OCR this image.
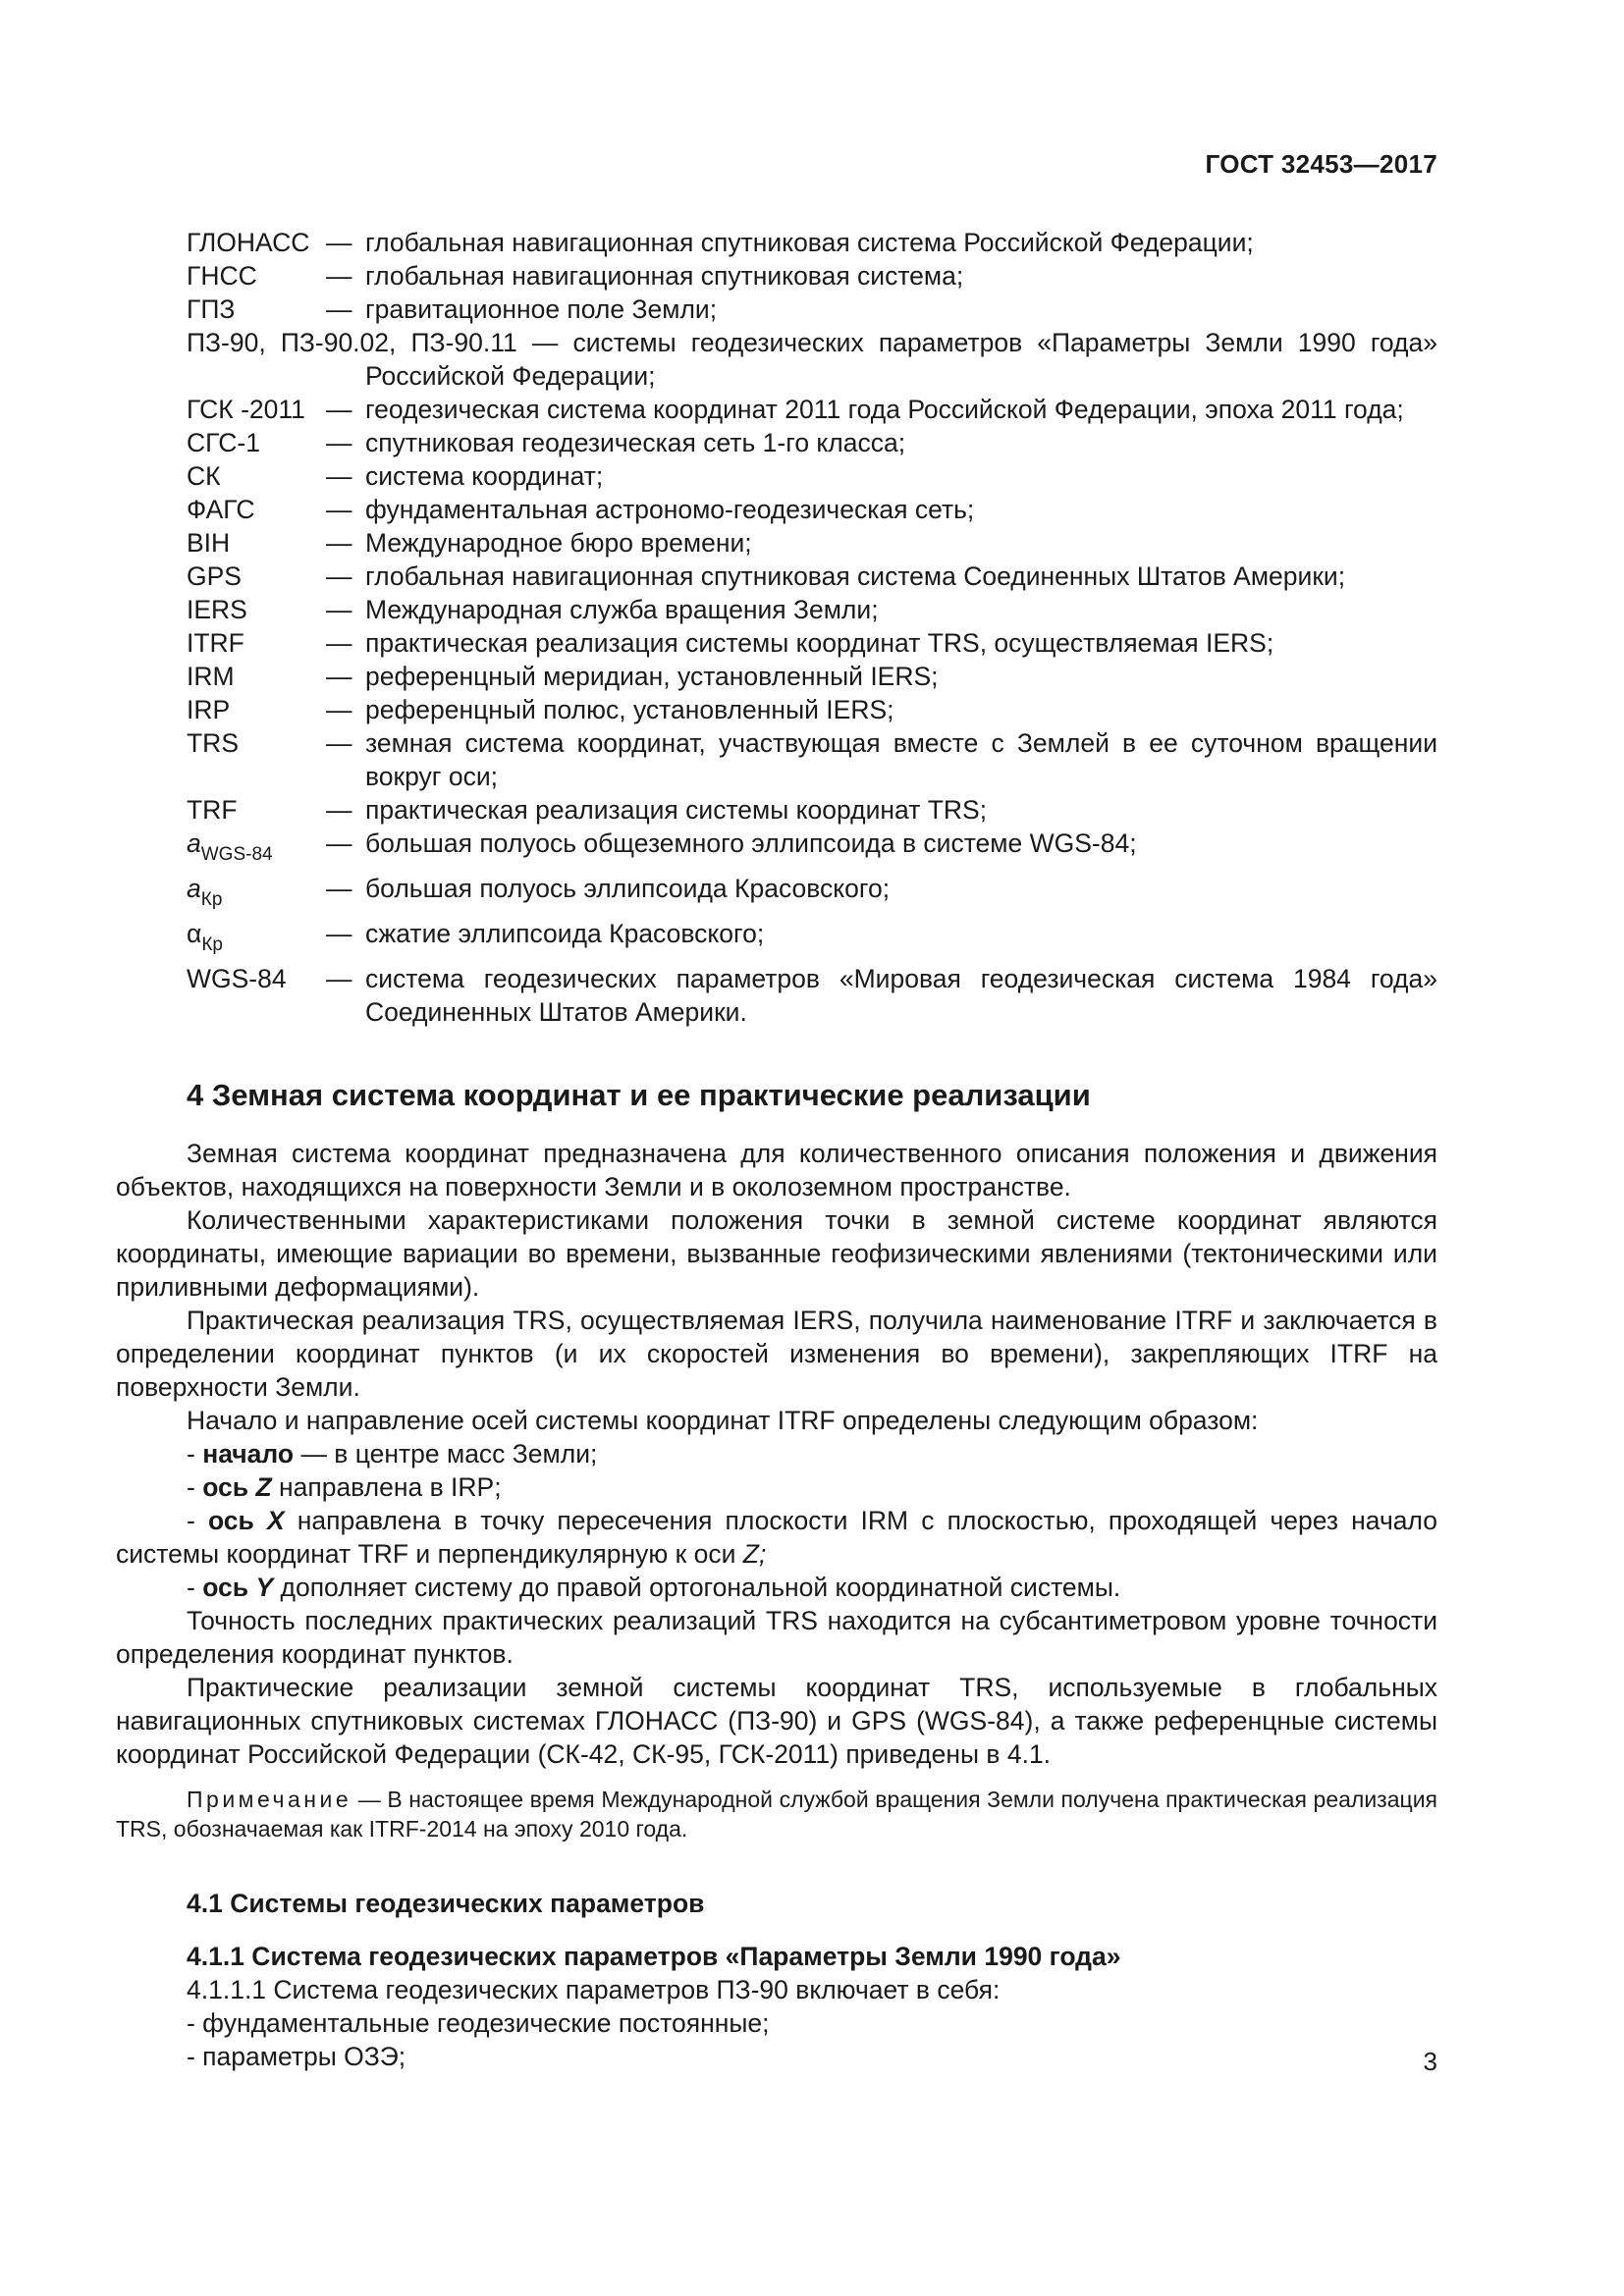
ГОСТ 32453—2017
ГЛОНАСС — глобальная навигационная спутниковая система Российской Федерации;
ГНСС	— глобальная навигационная спутниковая система;
ГПЗ	— гравитационное поле Земли;
ПЗ-90, ПЗ-90.02, ПЗ-90.11 — системы геодезических параметров «Параметры Земли 1990 года»
Российской Федерации;
ГСК -2011 — геодезическая система координат 2011 года Российской Федерации, эпоха 2011 года;
СГС-1	— спутниковая геодезическая сеть 1-го класса;
СК	— система координат;
ФАГС	— фундаментальная астрономо-геодезическая сеть;
BIH	— Международное бюро времени;
GPS	— глобальная навигационная спутниковая система Соединенных Штатов Америки;
IERS	— Международная служба вращения Земли;
ITRF	— практическая реализация системы координат TRS, осуществляемая IERS;
IRM	— референцный меридиан, установленный IERS;
IRP	— референцный полюс, установленный IERS;
TRS	— земная система координат, участвующая вместе с Землей в ее суточном вращении вокруг оси;
TRF	— практическая реализация системы координат TRS;
$a_{WGS-84}$	— большая полуось общеземного эллипсоида в системе WGS-84;
$a_{Кр}$	— большая полуось эллипсоида Красовского;
$\alpha_{Кр}$	— сжатие эллипсоида Красовского;
WGS-84	— система геодезических параметров «Мировая геодезическая система 1984 года» Соединенных Штатов Америки.
4 Земная система координат и ее практические реализации

Земная система координат предназначена для количественного описания положения и движения объектов, находящихся на поверхности Земли и в околоземном пространстве.

Количественными характеристиками положения точки в земной системе координат являются координаты, имеющие вариации во времени, вызванные геофизическими явлениями (тектоническими или приливными деформациями).

Практическая реализация TRS, осуществляемая IERS, получила наименование ITRF и заключается в определении координат пунктов (и их скоростей изменения во времени), закрепляющих ITRF на поверхности Земли.

Начало и направление осей системы координат ITRF определены следующим образом:

- начало — в центре масс Земли;

- ось Z направлена в IRP;

- ось X направлена в точку пересечения плоскости IRM с плоскостью, проходящей через начало системы координат TRF и перпендикулярную к оси Z;

- ось Y дополняет систему до правой ортогональной координатной системы.

Точность последних практических реализаций TRS находится на субсантиметровом уровне точности определения координат пунктов.

Практические реализации земной системы координат TRS, используемые в глобальных навигационных спутниковых системах ГЛОНАСС (ПЗ-90) и GPS (WGS-84), а также референцные системы координат Российской Федерации (СК-42, СК-95, ГСК-2011) приведены в 4.1.

Примечание — В настоящее время Международной службой вращения Земли получена практическая реализация TRS, обозначаемая как ITRF-2014 на эпоху 2010 года.

4.1 Системы геодезических параметров

4.1.1 Система геодезических параметров «Параметры Земли 1990 года»

4.1.1.1 Система геодезических параметров ПЗ-90 включает в себя:

- фундаментальные геодезические постоянные;

- параметры ОЗЭ;	3
